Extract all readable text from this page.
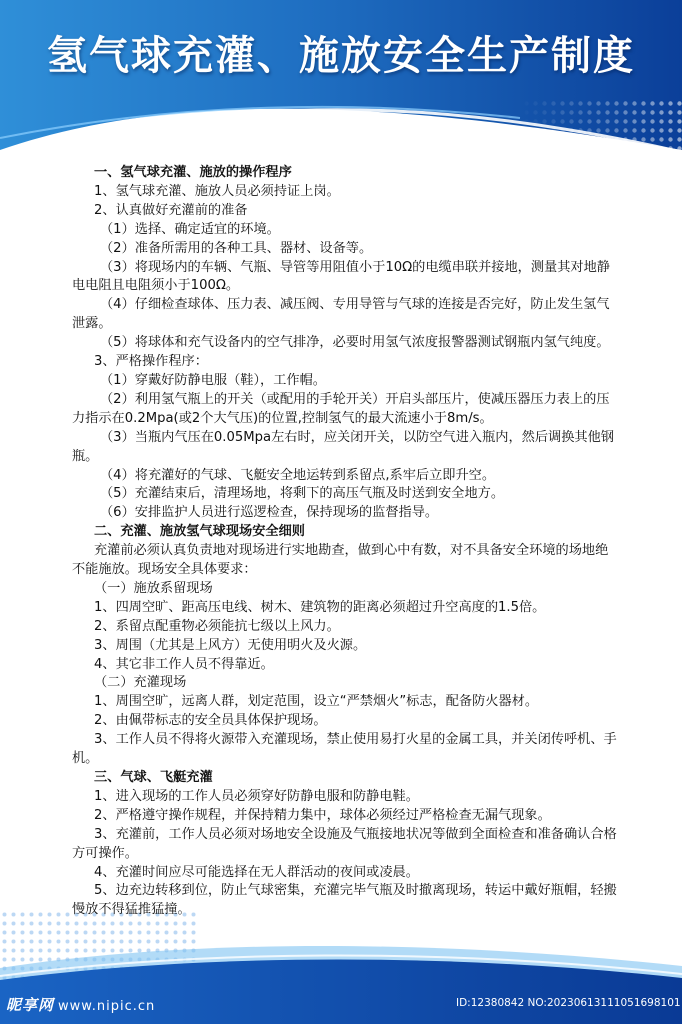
氢气球充灌、施放安全生产制度

一、氢气球充灌、施放的操作程序

1、氢气球充灌、施放人员必须持证上岗。

2、认真做好充灌前的准备

（1）选择、确定适宜的环境。

（2）准备所需用的各种工具、器材、设备等。

（3）将现场内的车辆、气瓶、导管等用阻值小于10Ω的电缆串联并接地，测量其对地静电电阻且电阻须小于100Ω。

（4）仔细检查球体、压力表、减压阀、专用导管与气球的连接是否完好，防止发生氢气泄露。

（5）将球体和充气设备内的空气排净，必要时用氢气浓度报警器测试钢瓶内氢气纯度。

3、严格操作程序：

（1）穿戴好防静电服（鞋），工作帽。

（2）利用氢气瓶上的开关（或配用的手轮开关）开启头部压片，使减压器压力表上的压力指示在0.2Mpa(或2个大气压)的位置,控制氢气的最大流速小于8m/s。

（3）当瓶内气压在0.05Mpa左右时，应关闭开关，以防空气进入瓶内，然后调换其他钢瓶。

（4）将充灌好的气球、飞艇安全地运转到系留点,系牢后立即升空。

（5）充灌结束后，清理场地，将剩下的高压气瓶及时送到安全地方。

（6）安排监护人员进行巡逻检查，保持现场的监督指导。

二、充灌、施放氢气球现场安全细则

充灌前必须认真负责地对现场进行实地勘查，做到心中有数，对不具备安全环境的场地绝不能施放。现场安全具体要求：

（一）施放系留现场

1、四周空旷、距高压电线、树木、建筑物的距离必须超过升空高度的1.5倍。

2、系留点配重物必须能抗七级以上风力。

3、周围（尤其是上风方）无使用明火及火源。

4、其它非工作人员不得靠近。

（二）充灌现场

1、周围空旷，远离人群，划定范围，设立“严禁烟火”标志，配备防火器材。

2、由佩带标志的安全员具体保护现场。

3、工作人员不得将火源带入充灌现场，禁止使用易打火星的金属工具，并关闭传呼机、手机。

三、气球、飞艇充灌

1、进入现场的工作人员必须穿好防静电服和防静电鞋。

2、严格遵守操作规程，并保持精力集中，球体必须经过严格检查无漏气现象。

3、充灌前，工作人员必须对场地安全设施及气瓶接地状况等做到全面检查和准备确认合格方可操作。

4、充灌时间应尽可能选择在无人群活动的夜间或凌晨。

5、边充边转移到位，防止气球密集，充灌完毕气瓶及时撤离现场，转运中戴好瓶帽，轻搬慢放不得猛推猛撞。

昵享网 www.nipic.cn	ID:12380842 NO:20230613111051698101
